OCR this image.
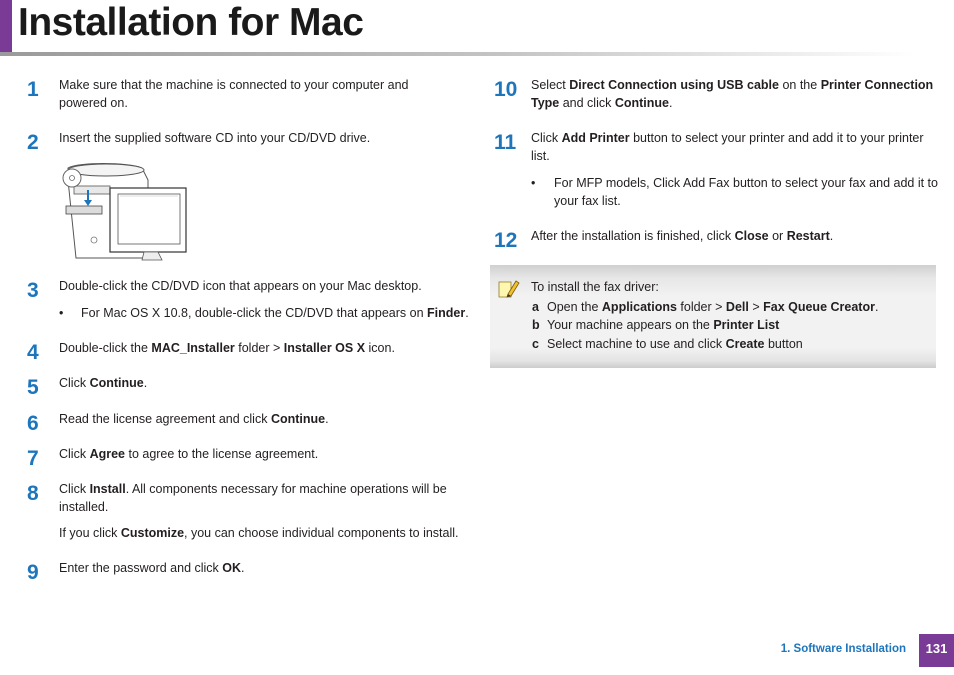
Installation for Mac
1 Make sure that the machine is connected to your computer and powered on.
2 Insert the supplied software CD into your CD/DVD drive.
3 Double-click the CD/DVD icon that appears on your Mac desktop.
• For Mac OS X 10.8, double-click the CD/DVD that appears on Finder.
4 Double-click the MAC_Installer folder > Installer OS X icon.
5 Click Continue.
6 Read the license agreement and click Continue.
7 Click Agree to agree to the license agreement.
8 Click Install. All components necessary for machine operations will be installed.
If you click Customize, you can choose individual components to install.
9 Enter the password and click OK.
10 Select Direct Connection using USB cable on the Printer Connection Type and click Continue.
11 Click Add Printer button to select your printer and add it to your printer list.
• For MFP models, Click Add Fax button to select your fax and add it to your fax list.
12 After the installation is finished, click Close or Restart.
To install the fax driver:
a Open the Applications folder > Dell > Fax Queue Creator.
b Your machine appears on the Printer List
c Select machine to use and click Create button
1. Software Installation	131
